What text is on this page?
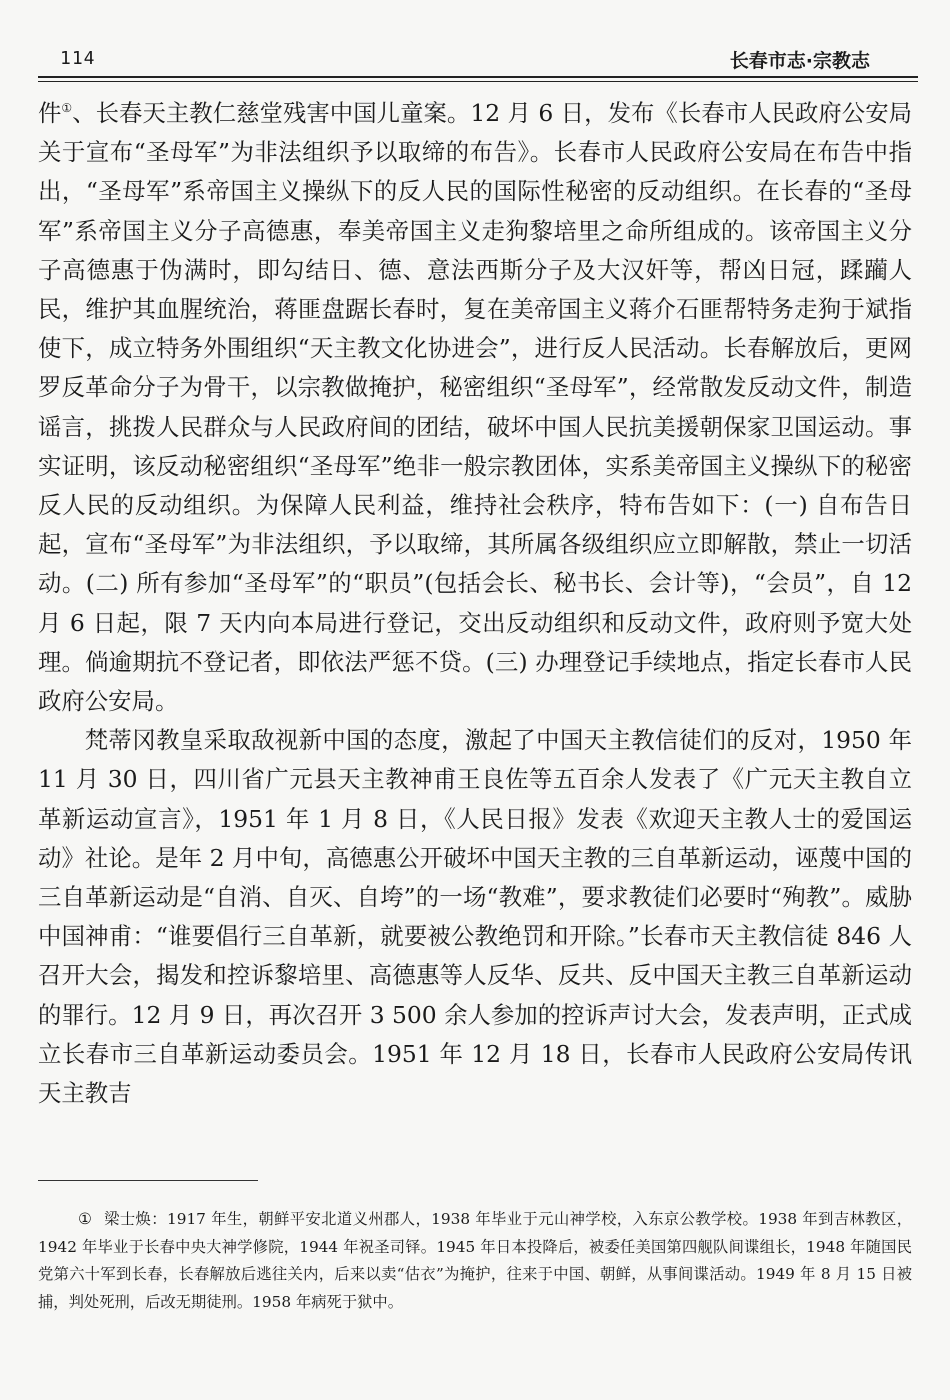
114	长春市志·宗教志

件①、长春天主教仁慈堂残害中国儿童案。12 月 6 日，发布《长春市人民政府公安局关于宣布“圣母军”为非法组织予以取缔的布告》。长春市人民政府公安局在布告中指出，“圣母军”系帝国主义操纵下的反人民的国际性秘密的反动组织。在长春的“圣母军”系帝国主义分子高德惠，奉美帝国主义走狗黎培里之命所组成的。该帝国主义分子高德惠于伪满时，即勾结日、德、意法西斯分子及大汉奸等，帮凶日冠，蹂躏人民，维护其血腥统治，蒋匪盘踞长春时，复在美帝国主义蒋介石匪帮特务走狗于斌指使下，成立特务外围组织“天主教文化协进会”，进行反人民活动。长春解放后，更网罗反革命分子为骨干，以宗教做掩护，秘密组织“圣母军”，经常散发反动文件，制造谣言，挑拨人民群众与人民政府间的团结，破坏中国人民抗美援朝保家卫国运动。事实证明，该反动秘密组织“圣母军”绝非一般宗教团体，实系美帝国主义操纵下的秘密反人民的反动组织。为保障人民利益，维持社会秩序，特布告如下：(一) 自布告日起，宣布“圣母军”为非法组织，予以取缔，其所属各级组织应立即解散，禁止一切活动。(二) 所有参加“圣母军”的“职员”(包括会长、秘书长、会计等)，“会员”，自 12 月 6 日起，限 7 天内向本局进行登记，交出反动组织和反动文件，政府则予宽大处理。倘逾期抗不登记者，即依法严惩不贷。(三) 办理登记手续地点，指定长春市人民政府公安局。

梵蒂冈教皇采取敌视新中国的态度，激起了中国天主教信徒们的反对，1950 年 11 月 30 日，四川省广元县天主教神甫王良佐等五百余人发表了《广元天主教自立革新运动宣言》，1951 年 1 月 8 日，《人民日报》发表《欢迎天主教人士的爱国运动》社论。是年 2 月中旬，高德惠公开破坏中国天主教的三自革新运动，诬蔑中国的三自革新运动是“自消、自灭、自垮”的一场“教难”，要求教徒们必要时“殉教”。威胁中国神甫：“谁要倡行三自革新，就要被公教绝罚和开除。”长春市天主教信徒 846 人召开大会，揭发和控诉黎培里、高德惠等人反华、反共、反中国天主教三自革新运动的罪行。12 月 9 日，再次召开 3 500 余人参加的控诉声讨大会，发表声明，正式成立长春市三自革新运动委员会。1951 年 12 月 18 日，长春市人民政府公安局传讯天主教吉

① 梁士焕：1917 年生，朝鲜平安北道义州郡人，1938 年毕业于元山神学校，入东京公教学校。1938 年到吉林教区，1942 年毕业于长春中央大神学修院，1944 年祝圣司铎。1945 年日本投降后，被委任美国第四舰队间谍组长，1948 年随国民党第六十军到长春，长春解放后逃往关内，后来以卖“估衣”为掩护，往来于中国、朝鲜，从事间谍活动。1949 年 8 月 15 日被捕，判处死刑，后改无期徒刑。1958 年病死于狱中。
